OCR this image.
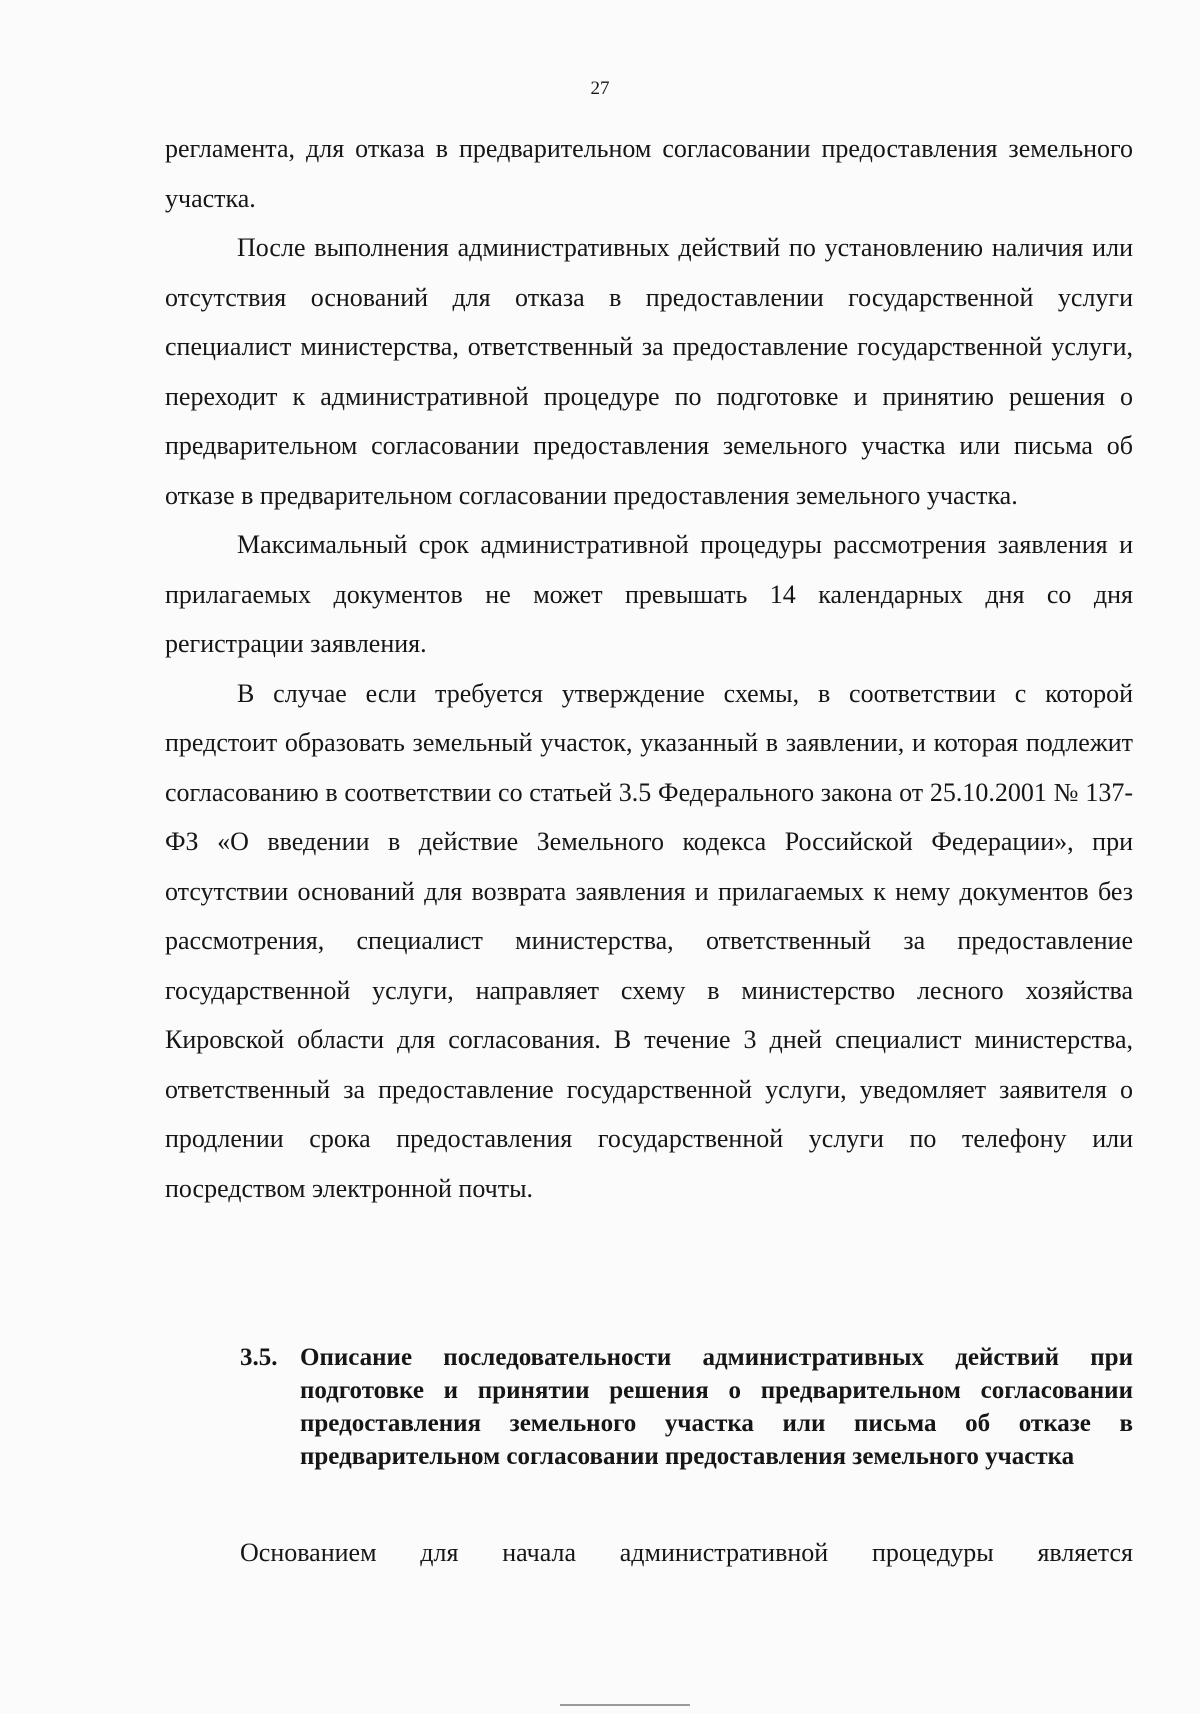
27

регламента, для отказа в предварительном согласовании предоставления земельного участка.

После выполнения административных действий по установлению наличия или отсутствия оснований для отказа в предоставлении государственной услуги специалист министерства, ответственный за предоставление государственной услуги, переходит к административной процедуре по подготовке и принятию решения о предварительном согласовании предоставления земельного участка или письма об отказе в предварительном согласовании предоставления земельного участка.

Максимальный срок административной процедуры рассмотрения заявления и прилагаемых документов не может превышать 14 календарных дня со дня регистрации заявления.

В случае если требуется утверждение схемы, в соответствии с которой предстоит образовать земельный участок, указанный в заявлении, и которая подлежит согласованию в соответствии со статьей 3.5 Федерального закона от 25.10.2001 № 137-ФЗ «О введении в действие Земельного кодекса Российской Федерации», при отсутствии оснований для возврата заявления и прилагаемых к нему документов без рассмотрения, специалист министерства, ответственный за предоставление государственной услуги, направляет схему в министерство лесного хозяйства Кировской области для согласования. В течение 3 дней специалист министерства, ответственный за предоставление государственной услуги, уведомляет заявителя о продлении срока предоставления государственной услуги по телефону или посредством электронной почты.

3.5. Описание последовательности административных действий при подготовке и принятии решения о предварительном согласовании предоставления земельного участка или письма об отказе в предварительном согласовании предоставления земельного участка
Основанием для начала административной процедуры является
